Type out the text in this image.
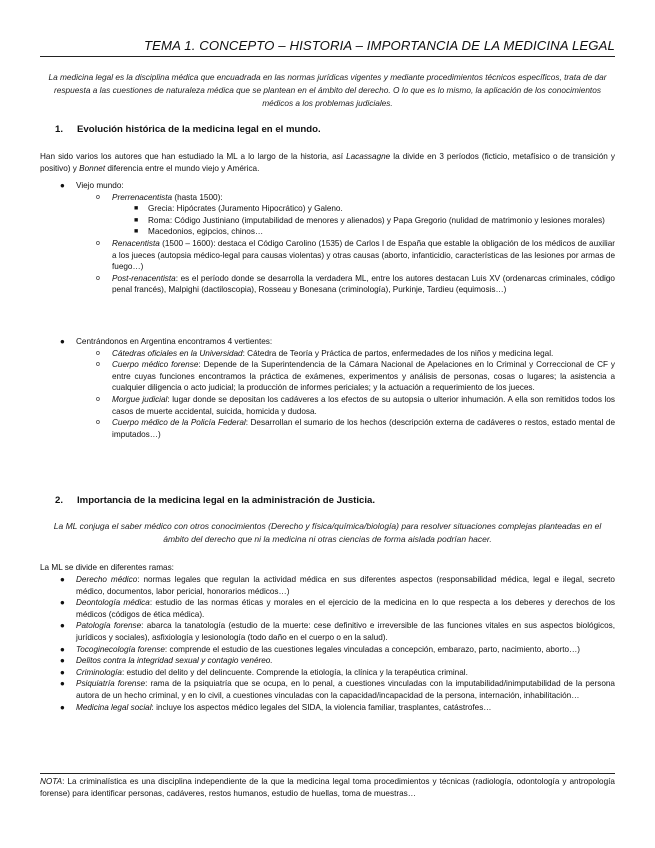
TEMA 1. CONCEPTO – HISTORIA – IMPORTANCIA DE LA MEDICINA LEGAL
La medicina legal es la disciplina médica que encuadrada en las normas jurídicas vigentes y mediante procedimientos técnicos específicos, trata de dar respuesta a las cuestiones de naturaleza médica que se plantean en el ámbito del derecho. O lo que es lo mismo, la aplicación de los conocimientos médicos a los problemas judiciales.
1. Evolución histórica de la medicina legal en el mundo.
Han sido varios los autores que han estudiado la ML a lo largo de la historia, así Lacassagne la divide en 3 períodos (ficticio, metafísico o de transición y positivo) y Bonnet diferencia entre el mundo viejo y América.
● Viejo mundo:
o Prerrenacentista (hasta 1500):
■ Grecia: Hipócrates (Juramento Hipocrático) y Galeno.
■ Roma: Código Justiniano (imputabilidad de menores y alienados) y Papa Gregorio (nulidad de matrimonio y lesiones morales)
■ Macedonios, egipcios, chinos…
o Renacentista (1500 – 1600): destaca el Código Carolino (1535) de Carlos I de España que estable la obligación de los médicos de auxiliar a los jueces (autopsia médico-legal para causas violentas) y otras causas (aborto, infanticidio, características de las lesiones por armas de fuego…)
o Post-renacentista: es el período donde se desarrolla la verdadera ML, entre los autores destacan Luis XV (ordenarcas criminales, código penal francés), Malpighi (dactiloscopia), Rosseau y Bonesana (criminología), Purkinje, Tardieu (equimosis…)
● Centrándonos en Argentina encontramos 4 vertientes:
o Cátedras oficiales en la Universidad: Cátedra de Teoría y Práctica de partos, enfermedades de los niños y medicina legal.
o Cuerpo médico forense: Depende de la Superintendencia de la Cámara Nacional de Apelaciones en lo Criminal y Correccional de CF y entre cuyas funciones encontramos la práctica de exámenes, experimentos y análisis de personas, cosas o lugares; la asistencia a cualquier diligencia o acto judicial; la producción de informes periciales; y la actuación a requerimiento de los jueces.
o Morgue judicial: lugar donde se depositan los cadáveres a los efectos de su autopsia o ulterior inhumación. A ella son remitidos todos los casos de muerte accidental, suicida, homicida y dudosa.
o Cuerpo médico de la Policía Federal: Desarrollan el sumario de los hechos (descripción externa de cadáveres o restos, estado mental de imputados…)
2. Importancia de la medicina legal en la administración de Justicia.
La ML conjuga el saber médico con otros conocimientos (Derecho y física/química/biología) para resolver situaciones complejas planteadas en el ámbito del derecho que ni la medicina ni otras ciencias de forma aislada podrían hacer.
La ML se divide en diferentes ramas:
● Derecho médico: normas legales que regulan la actividad médica en sus diferentes aspectos (responsabilidad médica, legal e ilegal, secreto médico, documentos, labor pericial, honorarios médicos…)
● Deontología médica: estudio de las normas éticas y morales en el ejercicio de la medicina en lo que respecta a los deberes y derechos de los médicos (códigos de ética médica).
● Patología forense: abarca la tanatología (estudio de la muerte: cese definitivo e irreversible de las funciones vitales en sus aspectos biológicos, jurídicos y sociales), asfixiología y lesionología (todo daño en el cuerpo o en la salud).
● Tocoginecología forense: comprende el estudio de las cuestiones legales vinculadas a concepción, embarazo, parto, nacimiento, aborto…)
● Delitos contra la integridad sexual y contagio venéreo.
● Criminología: estudio del delito y del delincuente. Comprende la etiología, la clínica y la terapéutica criminal.
● Psiquiatría forense: rama de la psiquiatría que se ocupa, en lo penal, a cuestiones vinculadas con la imputabilidad/inimputabilidad de la persona autora de un hecho criminal, y en lo civil, a cuestiones vinculadas con la capacidad/incapacidad de la persona, internación, inhabilitación…
● Medicina legal social: incluye los aspectos médico legales del SIDA, la violencia familiar, trasplantes, catástrofes…
NOTA: La criminalística es una disciplina independiente de la que la medicina legal toma procedimientos y técnicas (radiología, odontología y antropología forense) para identificar personas, cadáveres, restos humanos, estudio de huellas, toma de muestras…
